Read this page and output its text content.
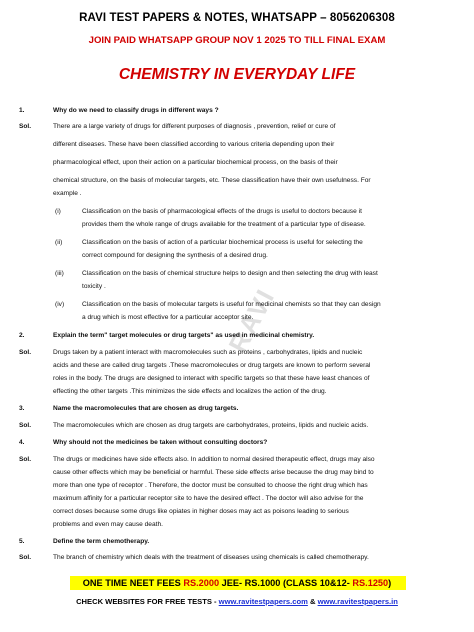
RAVI TEST PAPERS & NOTES, WHATSAPP – 8056206308
JOIN PAID WHATSAPP GROUP NOV 1 2025 TO TILL FINAL EXAM
CHEMISTRY IN EVERYDAY LIFE
RAVI
1.	Why do we need to classify drugs in different ways ?
Sol.	There are a large variety of drugs for different purposes of diagnosis , prevention, relief or cure of
different diseases. These have been classified according to various criteria depending upon their
pharmacological effect, upon their action on a particular biochemical process, on the basis of their
chemical structure, on the basis of molecular targets, etc. These classification have their own usefulness. For
example .
(i)	Classification on the basis of pharmacological effects of the drugs is useful to doctors because it
provides them the whole range of drugs available for the treatment of a particular type of disease.
(ii)	Classification on the basis of action of a particular biochemical process is useful for selecting the
correct compound for designing the synthesis of a desired drug.
(iii)	Classification on the basis of chemical structure helps to design and then selecting the drug with least
toxicity .
(iv)	Classification on the basis of molecular targets is useful for medicinal chemists so that they can design
a drug which is most effective for a particular acceptor site.
2.	Explain the term" target molecules or drug targets" as used in medicinal chemistry.
Sol.	Drugs taken by a patient interact with macromolecules such as proteins , carbohydrates, lipids and nucleic
acids and these are called drug targets .These macromolecules or drug targets are known to perform several
roles in the body. The drugs are designed to interact with specific targets so that these have least chances of
effecting the other targets .This minimizes the side effects and localizes the action of the drug.
3.	Name the macromolecules that are chosen as drug targets.
Sol.	The macromolecules which are chosen as drug targets are carbohydrates, proteins, lipids and nucleic acids.
4.	Why should not the medicines be taken without consulting doctors?
Sol.	The drugs or medicines have side effects also. In addition to normal desired therapeutic effect, drugs may also
cause other effects which may be beneficial or harmful. These side effects arise because the drug may bind to
more than one type of receptor . Therefore, the doctor must be consulted to choose the right drug which has
maximum affinity for a particular receptor site to have the desired effect . The doctor will also advise for the
correct doses because some drugs like opiates in higher doses may act as poisons leading to serious
problems and even may cause death.
5.	Define the term chemotherapy.
Sol.	The branch of chemistry which deals with the treatment of diseases using chemicals is called chemotherapy.
ONE TIME NEET FEES RS.2000 JEE- RS.1000 (CLASS 10&12- RS.1250)
CHECK WEBSITES FOR FREE TESTS - www.ravitestpapers.com & www.ravitestpapers.in
